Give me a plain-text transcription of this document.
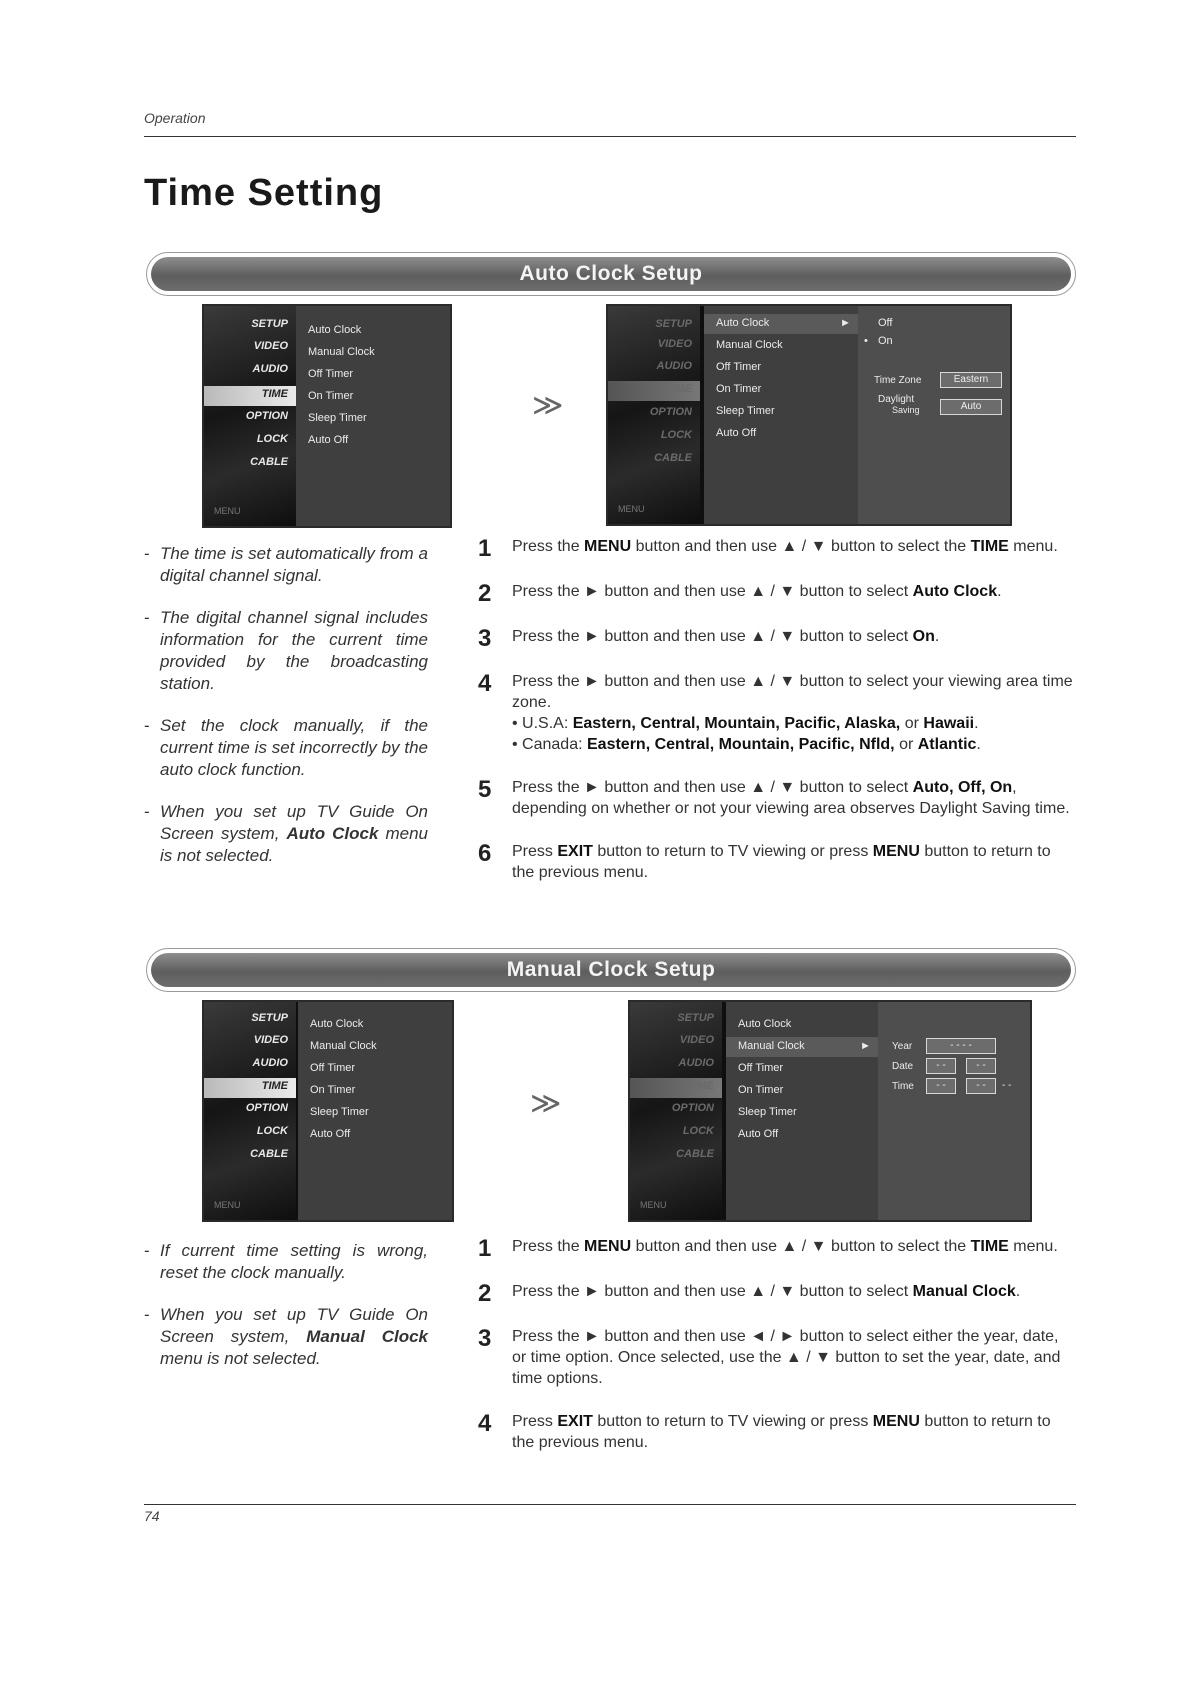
Operation
Time Setting
Auto Clock Setup
SETUP
VIDEO
AUDIO
TIME
OPTION
LOCK
CABLE
MENU
Auto Clock
Manual Clock
Off Timer
On Timer
Sleep Timer
Auto Off
≫
SETUP
VIDEO
AUDIO
TIME
OPTION
LOCK
CABLE
MENU
Auto Clock	►
Manual Clock
Off Timer
On Timer
Sleep Timer
Auto Off
Off
• On
Time Zone	Eastern
Daylight
Saving	Auto

- The time is set automatically from a digital channel signal.

- The digital channel signal includes information for the current time provided by the broadcasting station.

- Set the clock manually, if the current time is set incorrectly by the auto clock function.

- When you set up TV Guide On Screen system, Auto Clock menu is not selected.

1 Press the MENU button and then use ▲ / ▼ button to select the TIME menu.
2 Press the ► button and then use ▲ / ▼ button to select Auto Clock.
3 Press the ► button and then use ▲ / ▼ button to select On.
4 Press the ► button and then use ▲ / ▼ button to select your viewing area time zone.
• U.S.A: Eastern, Central, Mountain, Pacific, Alaska, or Hawaii.
• Canada: Eastern, Central, Mountain, Pacific, Nfld, or Atlantic.
5 Press the ► button and then use ▲ / ▼ button to select Auto, Off, On, depending on whether or not your viewing area observes Daylight Saving time.
6 Press EXIT button to return to TV viewing or press MENU button to return to the previous menu.
Manual Clock Setup
SETUP
VIDEO
AUDIO
TIME
OPTION
LOCK
CABLE
MENU
Auto Clock
Manual Clock
Off Timer
On Timer
Sleep Timer
Auto Off
≫
SETUP
VIDEO
AUDIO
TIME
OPTION
LOCK
CABLE
MENU
Auto Clock
Manual Clock	►
Off Timer
On Timer
Sleep Timer
Auto Off
Year	- - - -
Date	- -	- -
Time	- -	- -	- -

- If current time setting is wrong, reset the clock manually.

- When you set up TV Guide On Screen system, Manual Clock menu is not selected.

1 Press the MENU button and then use ▲ / ▼ button to select the TIME menu.
2 Press the ► button and then use ▲ / ▼ button to select Manual Clock.
3 Press the ► button and then use ◄ / ► button to select either the year, date, or time option. Once selected, use the ▲ / ▼ button to set the year, date, and time options.
4 Press EXIT button to return to TV viewing or press MENU button to return to the previous menu.
74
